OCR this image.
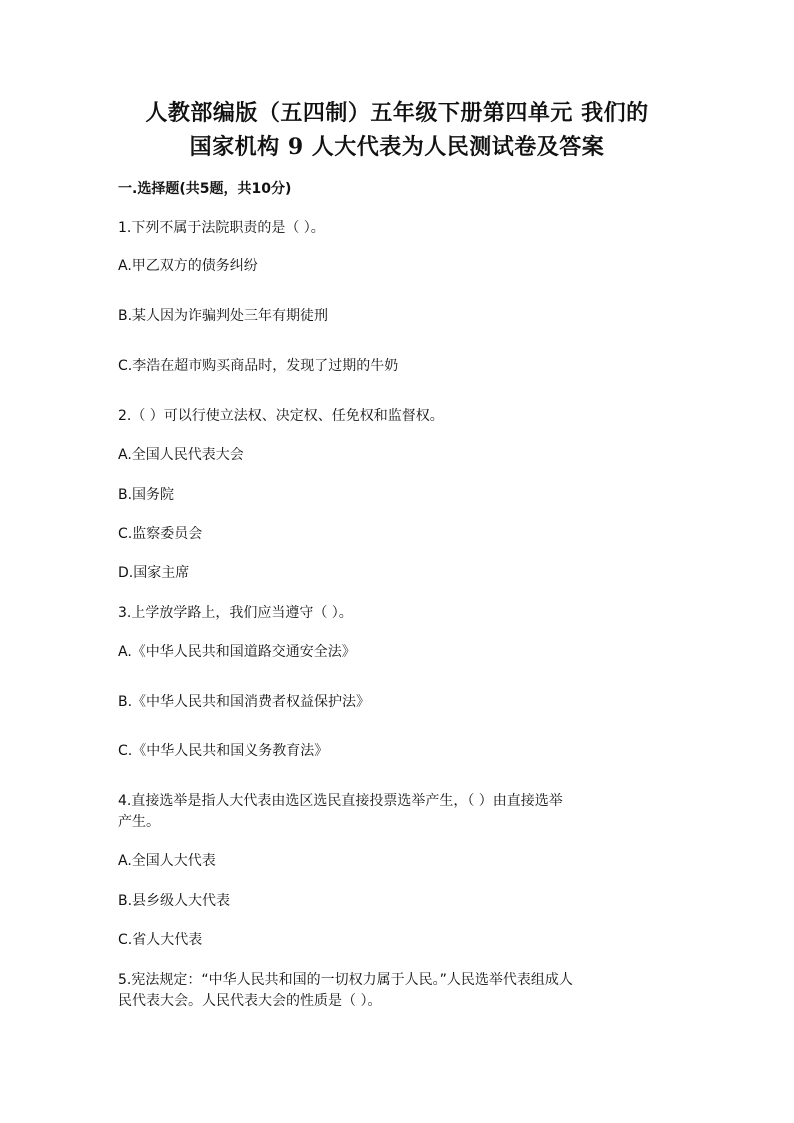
人教部编版（五四制）五年级下册第四单元 我们的
国家机构 9 人大代表为人民测试卷及答案
一.选择题(共5题，共10分)
1.下列不属于法院职责的是（ ）。
A.甲乙双方的债务纠纷
B.某人因为诈骗判处三年有期徒刑
C.李浩在超市购买商品时，发现了过期的牛奶
2.（ ）可以行使立法权、决定权、任免权和监督权。
A.全国人民代表大会
B.国务院
C.监察委员会
D.国家主席
3.上学放学路上，我们应当遵守（ ）。
A.《中华人民共和国道路交通安全法》
B.《中华人民共和国消费者权益保护法》
C.《中华人民共和国义务教育法》
4.直接选举是指人大代表由选区选民直接投票选举产生，（ ）由直接选举
产生。
A.全国人大代表
B.县乡级人大代表
C.省人大代表
5.宪法规定：“中华人民共和国的一切权力属于人民。”人民选举代表组成人
民代表大会。人民代表大会的性质是（ ）。
